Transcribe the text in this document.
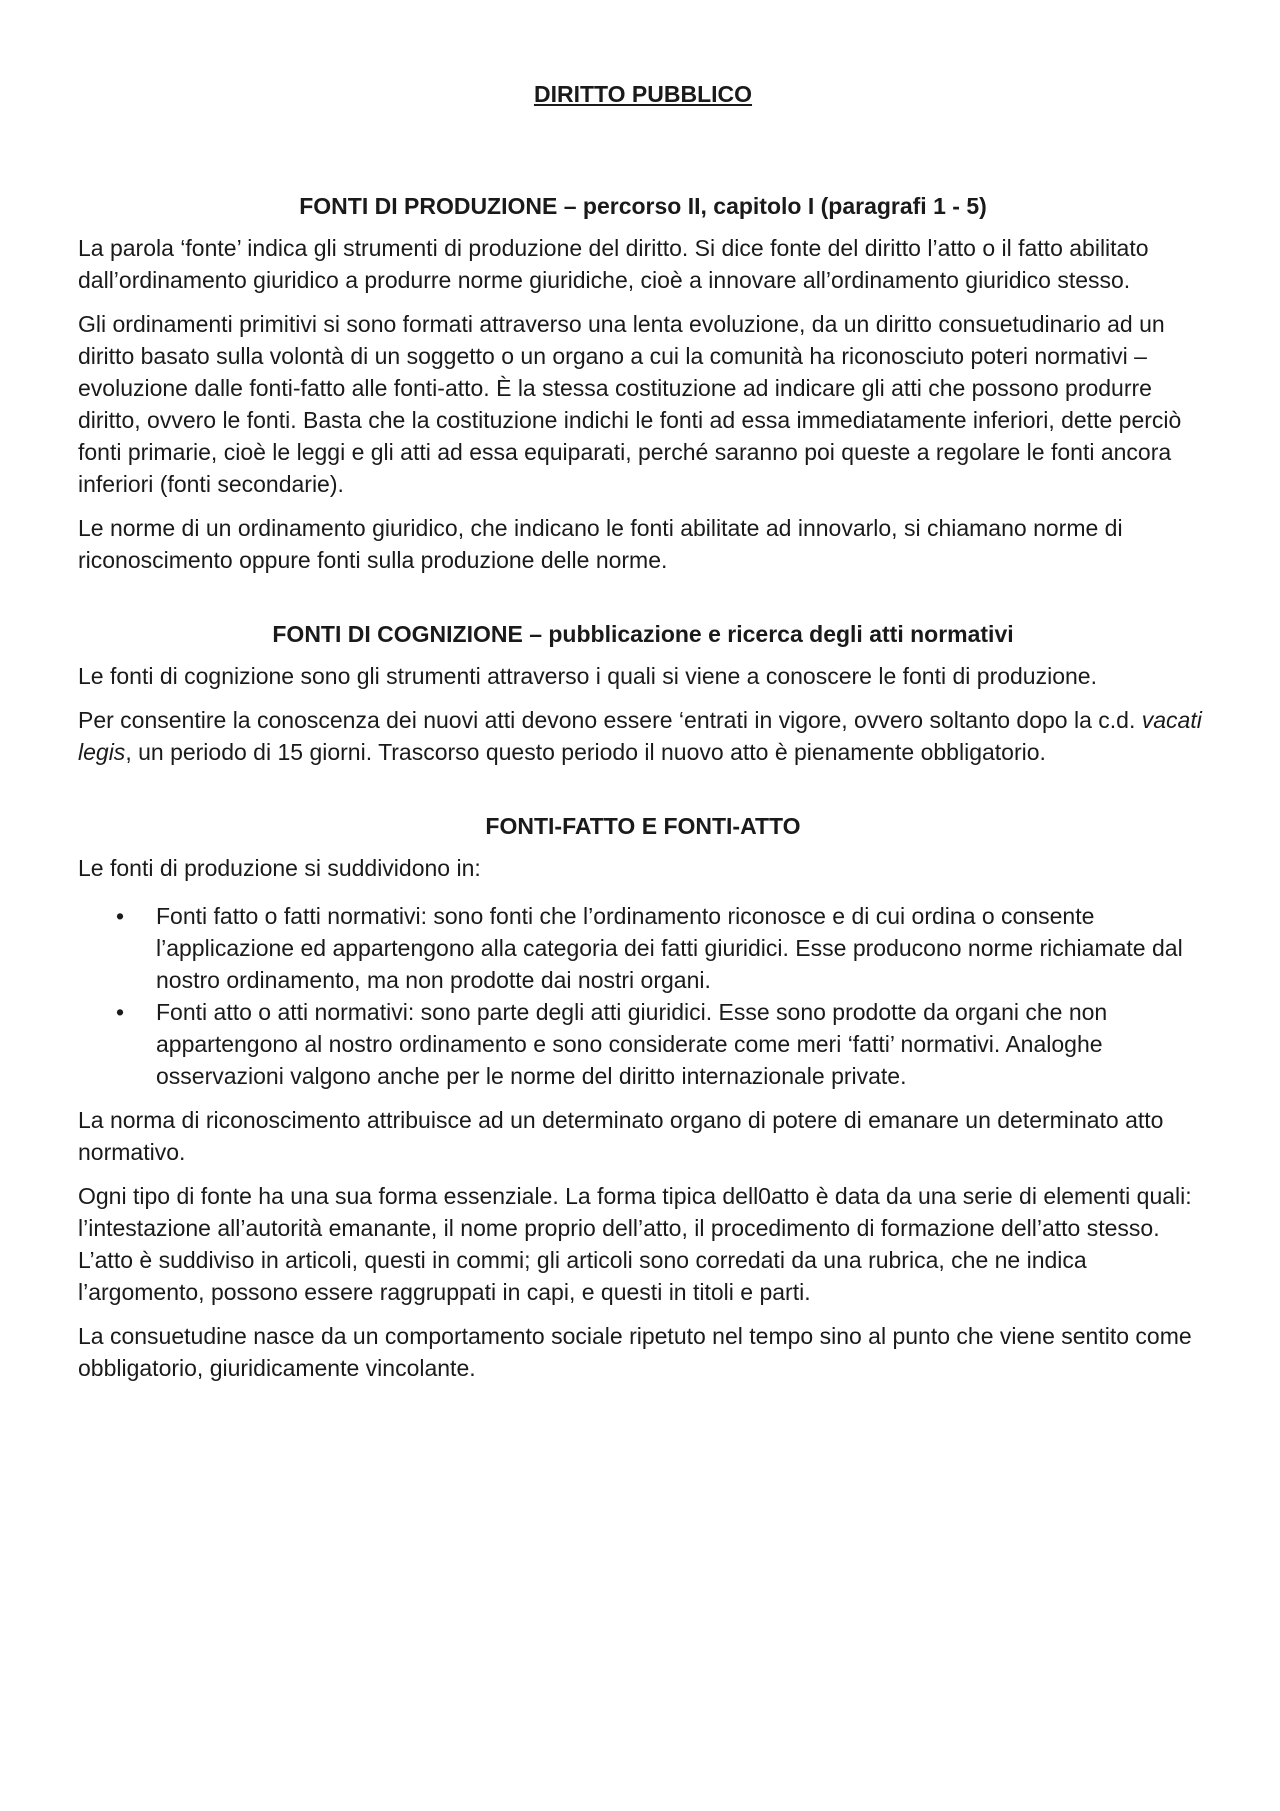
DIRITTO PUBBLICO
FONTI DI PRODUZIONE – percorso II, capitolo I (paragrafi 1 - 5)

La parola ‘fonte’ indica gli strumenti di produzione del diritto. Si dice fonte del diritto l’atto o il fatto abilitato dall’ordinamento giuridico a produrre norme giuridiche, cioè a innovare all’ordinamento giuridico stesso.

Gli ordinamenti primitivi si sono formati attraverso una lenta evoluzione, da un diritto consuetudinario ad un diritto basato sulla volontà di un soggetto o un organo a cui la comunità ha riconosciuto poteri normativi – evoluzione dalle fonti-fatto alle fonti-atto. È la stessa costituzione ad indicare gli atti che possono produrre diritto, ovvero le fonti. Basta che la costituzione indichi le fonti ad essa immediatamente inferiori, dette perciò fonti primarie, cioè le leggi e gli atti ad essa equiparati, perché saranno poi queste a regolare le fonti ancora inferiori (fonti secondarie).

Le norme di un ordinamento giuridico, che indicano le fonti abilitate ad innovarlo, si chiamano norme di riconoscimento oppure fonti sulla produzione delle norme.

FONTI DI COGNIZIONE – pubblicazione e ricerca degli atti normativi

Le fonti di cognizione sono gli strumenti attraverso i quali si viene a conoscere le fonti di produzione.

Per consentire la conoscenza dei nuovi atti devono essere ‘entrati in vigore, ovvero soltanto dopo la c.d. vacati legis, un periodo di 15 giorni. Trascorso questo periodo il nuovo atto è pienamente obbligatorio.

FONTI-FATTO E FONTI-ATTO

Le fonti di produzione si suddividono in:

• Fonti fatto o fatti normativi: sono fonti che l’ordinamento riconosce e di cui ordina o consente l’applicazione ed appartengono alla categoria dei fatti giuridici. Esse producono norme richiamate dal nostro ordinamento, ma non prodotte dai nostri organi.
• Fonti atto o atti normativi: sono parte degli atti giuridici. Esse sono prodotte da organi che non appartengono al nostro ordinamento e sono considerate come meri ‘fatti’ normativi. Analoghe osservazioni valgono anche per le norme del diritto internazionale private.

La norma di riconoscimento attribuisce ad un determinato organo di potere di emanare un determinato atto normativo.

Ogni tipo di fonte ha una sua forma essenziale. La forma tipica dell0atto è data da una serie di elementi quali: l’intestazione all’autorità emanante, il nome proprio dell’atto, il procedimento di formazione dell’atto stesso. L’atto è suddiviso in articoli, questi in commi; gli articoli sono corredati da una rubrica, che ne indica l’argomento, possono essere raggruppati in capi, e questi in titoli e parti.

La consuetudine nasce da un comportamento sociale ripetuto nel tempo sino al punto che viene sentito come obbligatorio, giuridicamente vincolante.
